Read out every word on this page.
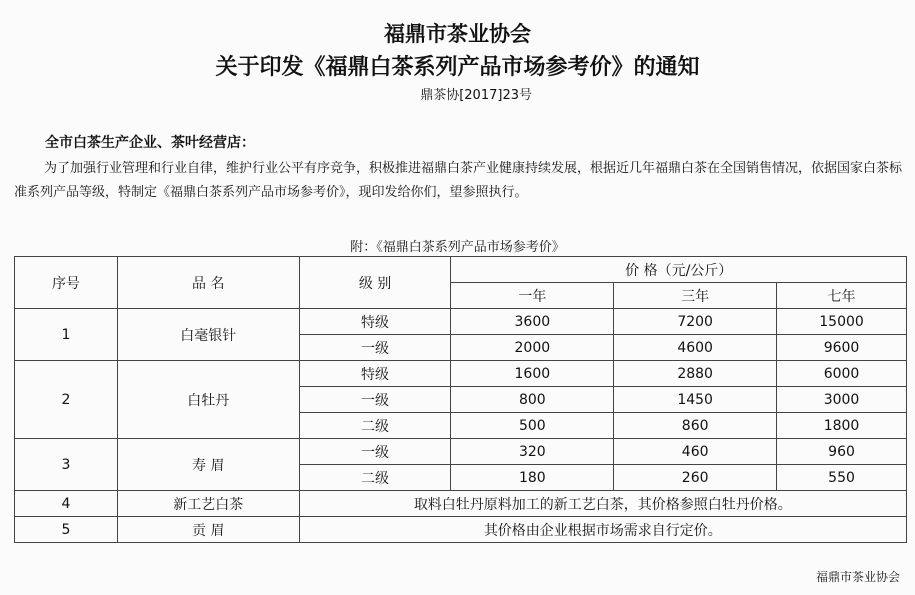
福鼎市茶业协会
关于印发《福鼎白茶系列产品市场参考价》的通知
鼎茶协[2017]23号
全市白茶生产企业、茶叶经营店：
为了加强行业管理和行业自律，维护行业公平有序竞争，积极推进福鼎白茶产业健康持续发展，根据近几年福鼎白茶在全国销售情况，依据国家白茶标准系列产品等级，特制定《福鼎白茶系列产品市场参考价》，现印发给你们，望参照执行。
附：《福鼎白茶系列产品市场参考价》
序号	品 名	级 别	价 格（元/公斤）		
			一年	三年	七年
1	白毫银针	特级	3600	7200	15000
		一级	2000	4600	9600
2	白牡丹	特级	1600	2880	6000
		一级	800	1450	3000
		二级	500	860	1800
3	寿 眉	一级	320	460	960
		二级	180	260	550
4	新工艺白茶	取料白牡丹原料加工的新工艺白茶，其价格参照白牡丹价格。			
5	贡 眉	其价格由企业根据市场需求自行定价。			
福鼎市茶业协会
